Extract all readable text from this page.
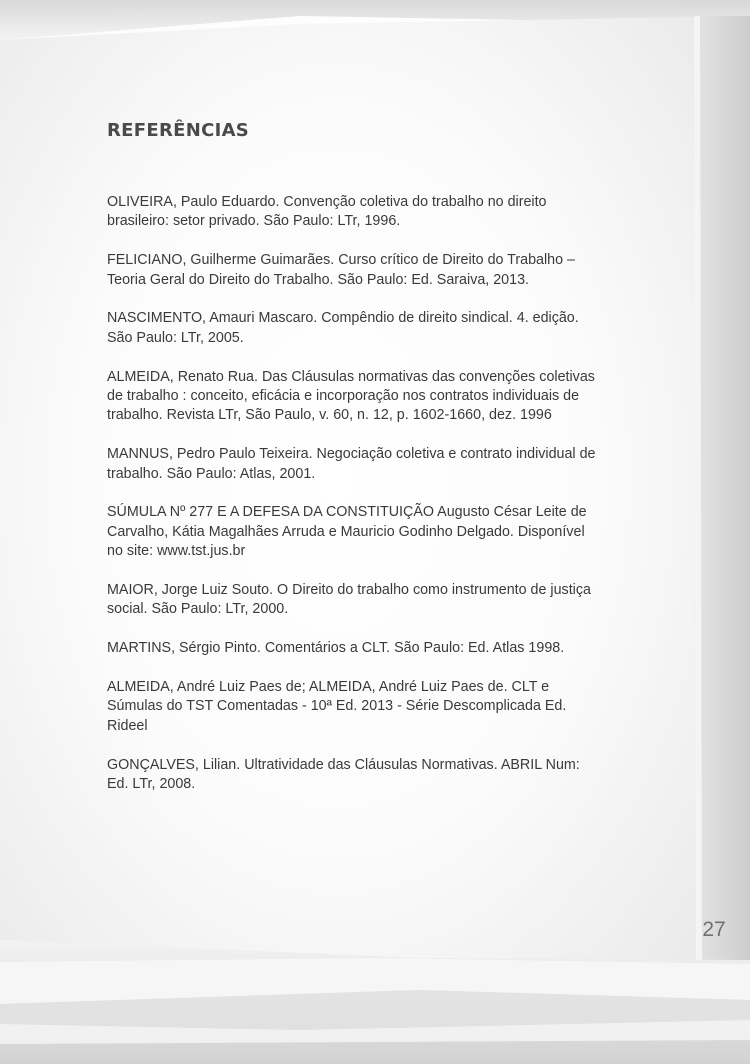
REFERÊNCIAS
OLIVEIRA, Paulo Eduardo. Convenção coletiva do trabalho no direito brasileiro: setor privado. São Paulo: LTr, 1996.
FELICIANO, Guilherme Guimarães. Curso crítico de Direito do Trabalho – Teoria Geral do Direito do Trabalho. São Paulo: Ed. Saraiva, 2013.
NASCIMENTO, Amauri Mascaro. Compêndio de direito sindical. 4. edição. São Paulo: LTr, 2005.
ALMEIDA, Renato Rua. Das Cláusulas normativas das convenções coletivas de trabalho : conceito, eficácia e incorporação nos contratos individuais de trabalho. Revista LTr, São Paulo, v. 60, n. 12, p. 1602-1660, dez. 1996
MANNUS, Pedro Paulo Teixeira. Negociação coletiva e contrato individual de trabalho. São Paulo: Atlas, 2001.
SÚMULA Nº 277 E A DEFESA DA CONSTITUIÇÃO Augusto César Leite de Carvalho, Kátia Magalhães Arruda e Mauricio Godinho Delgado. Disponível no site: www.tst.jus.br
MAIOR, Jorge Luiz Souto. O Direito do trabalho como instrumento de justiça social. São Paulo: LTr, 2000.
MARTINS, Sérgio Pinto. Comentários a CLT. São Paulo: Ed. Atlas 1998.
ALMEIDA, André Luiz Paes de; ALMEIDA, André Luiz Paes de. CLT e Súmulas do TST Comentadas - 10ª Ed. 2013 - Série Descomplicada Ed. Rideel
GONÇALVES, Lilian. Ultratividade das Cláusulas Normativas. ABRIL Num: Ed. LTr, 2008.
27
